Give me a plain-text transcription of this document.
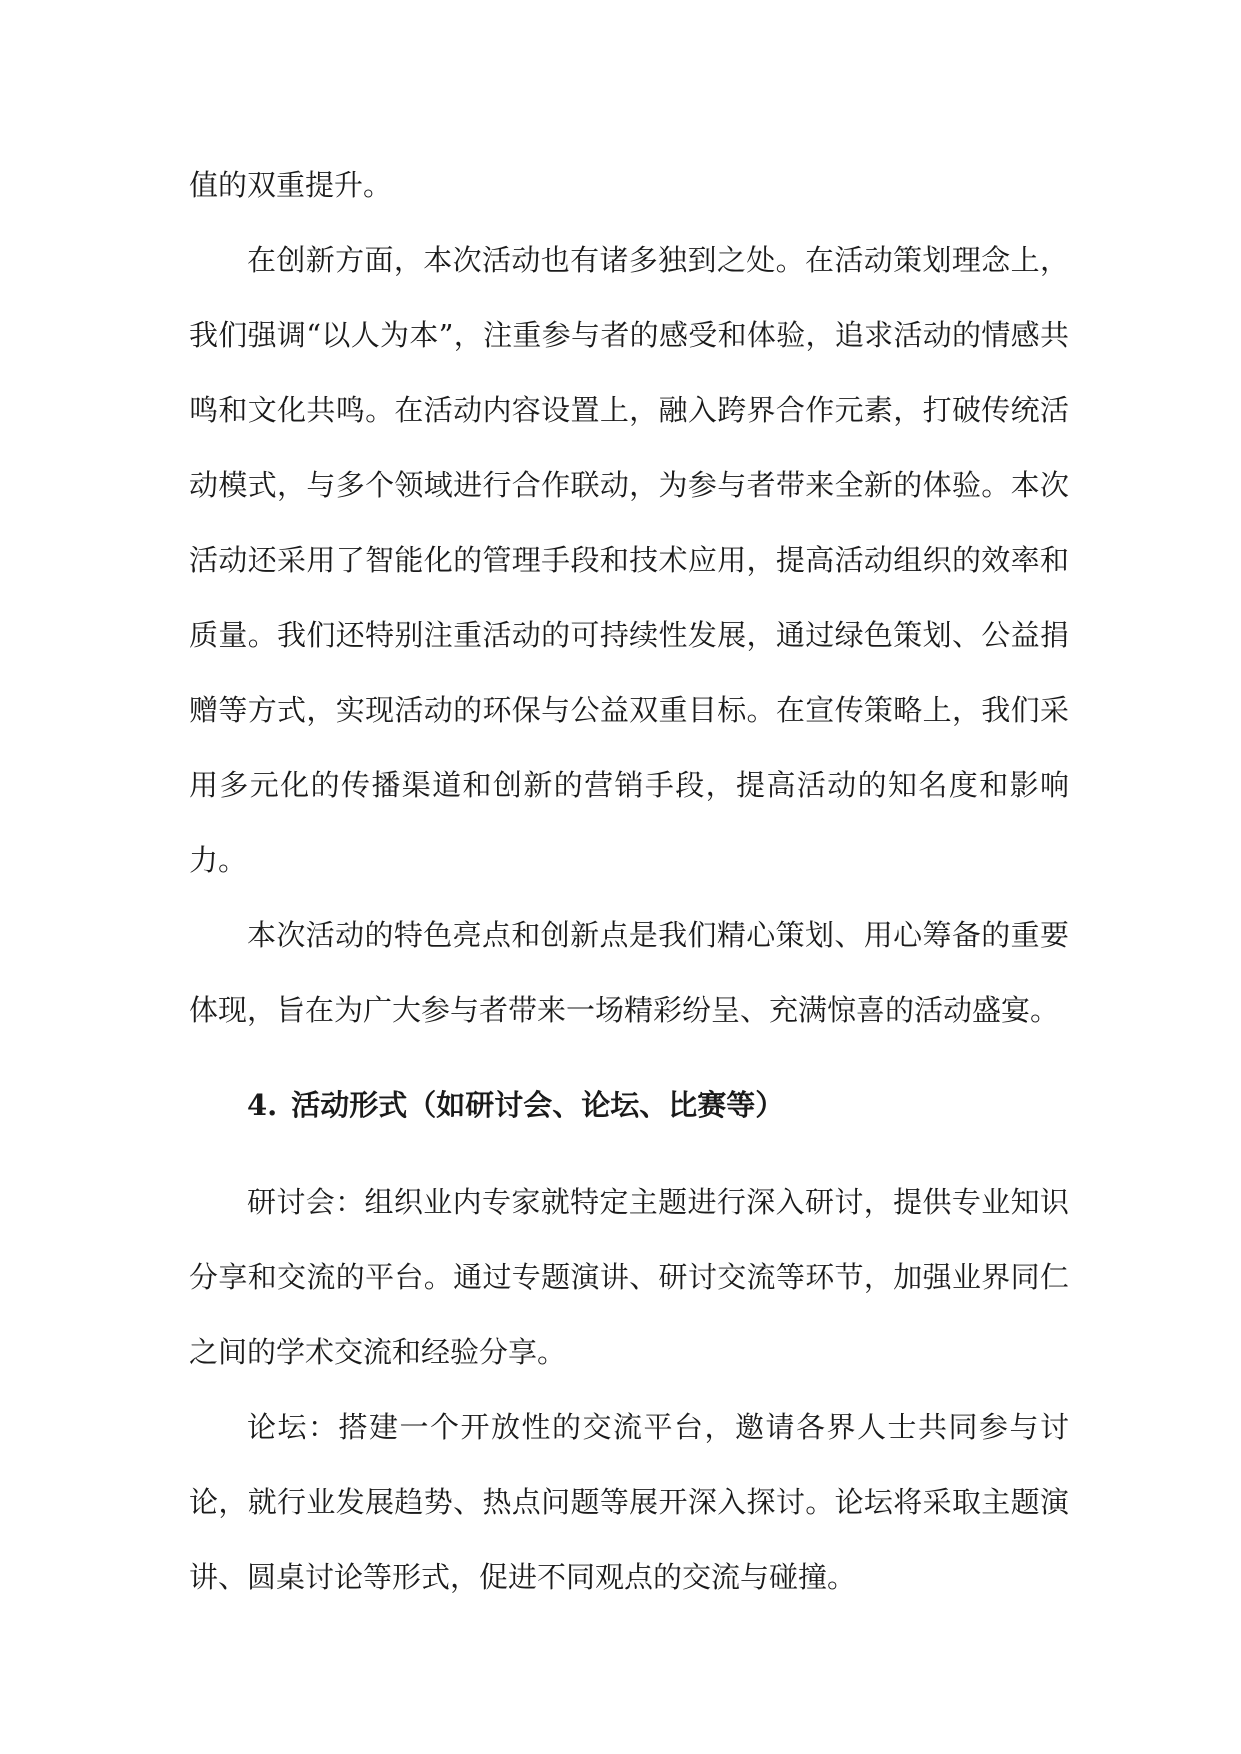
值的双重提升。

在创新方面，本次活动也有诸多独到之处。在活动策划理念上，我们强调“以人为本”，注重参与者的感受和体验，追求活动的情感共鸣和文化共鸣。在活动内容设置上，融入跨界合作元素，打破传统活动模式，与多个领域进行合作联动，为参与者带来全新的体验。本次活动还采用了智能化的管理手段和技术应用，提高活动组织的效率和质量。我们还特别注重活动的可持续性发展，通过绿色策划、公益捐赠等方式，实现活动的环保与公益双重目标。在宣传策略上，我们采用多元化的传播渠道和创新的营销手段，提高活动的知名度和影响力。

本次活动的特色亮点和创新点是我们精心策划、用心筹备的重要体现，旨在为广大参与者带来一场精彩纷呈、充满惊喜的活动盛宴。

4. 活动形式（如研讨会、论坛、比赛等）

研讨会：组织业内专家就特定主题进行深入研讨，提供专业知识分享和交流的平台。通过专题演讲、研讨交流等环节，加强业界同仁之间的学术交流和经验分享。

论坛：搭建一个开放性的交流平台，邀请各界人士共同参与讨论，就行业发展趋势、热点问题等展开深入探讨。论坛将采取主题演讲、圆桌讨论等形式，促进不同观点的交流与碰撞。
